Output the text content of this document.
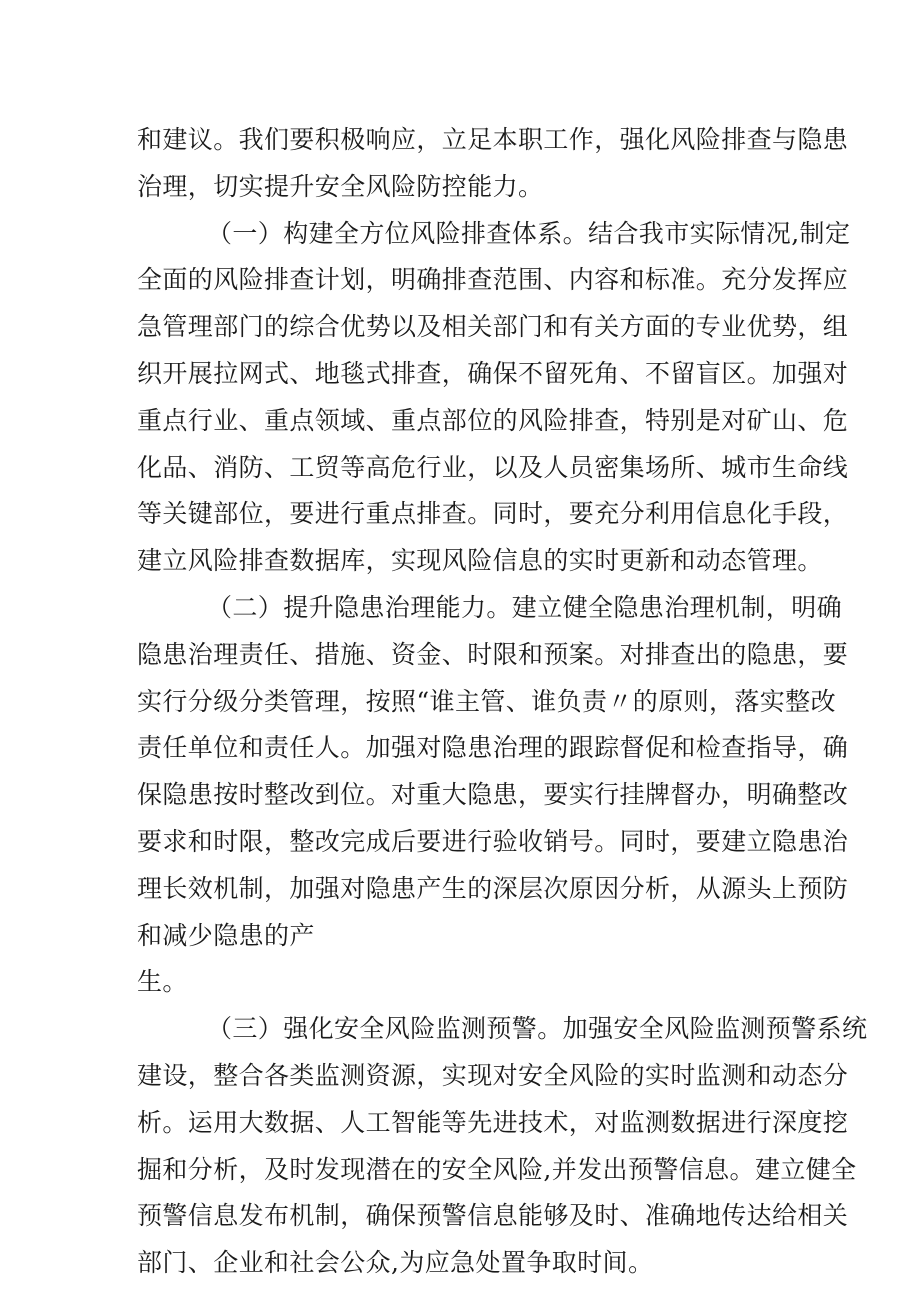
和建议。我们要积极响应，立足本职工作，强化风险排查与隐患
治理，切实提升安全风险防控能力。
（一）构建全方位风险排查体系。结合我市实际情况,制定
全面的风险排查计划，明确排查范围、内容和标准。充分发挥应
急管理部门的综合优势以及相关部门和有关方面的专业优势，组
织开展拉网式、地毯式排查，确保不留死角、不留盲区。加强对
重点行业、重点领域、重点部位的风险排查，特别是对矿山、危
化品、消防、工贸等高危行业，以及人员密集场所、城市生命线
等关键部位，要进行重点排查。同时，要充分利用信息化手段，
建立风险排查数据库，实现风险信息的实时更新和动态管理。
（二）提升隐患治理能力。建立健全隐患治理机制，明确
隐患治理责任、措施、资金、时限和预案。对排查出的隐患，要
实行分级分类管理，按照“谁主管、谁负责〃的原则，落实整改
责任单位和责任人。加强对隐患治理的跟踪督促和检查指导，确
保隐患按时整改到位。对重大隐患，要实行挂牌督办，明确整改
要求和时限，整改完成后要进行验收销号。同时，要建立隐患治
理长效机制，加强对隐患产生的深层次原因分析，从源头上预防
和减少隐患的产
生。
（三）强化安全风险监测预警。加强安全风险监测预警系统
建设，整合各类监测资源，实现对安全风险的实时监测和动态分
析。运用大数据、人工智能等先进技术，对监测数据进行深度挖
掘和分析，及时发现潜在的安全风险,并发出预警信息。建立健全
预警信息发布机制，确保预警信息能够及时、准确地传达给相关
部门、企业和社会公众,为应急处置争取时间。
